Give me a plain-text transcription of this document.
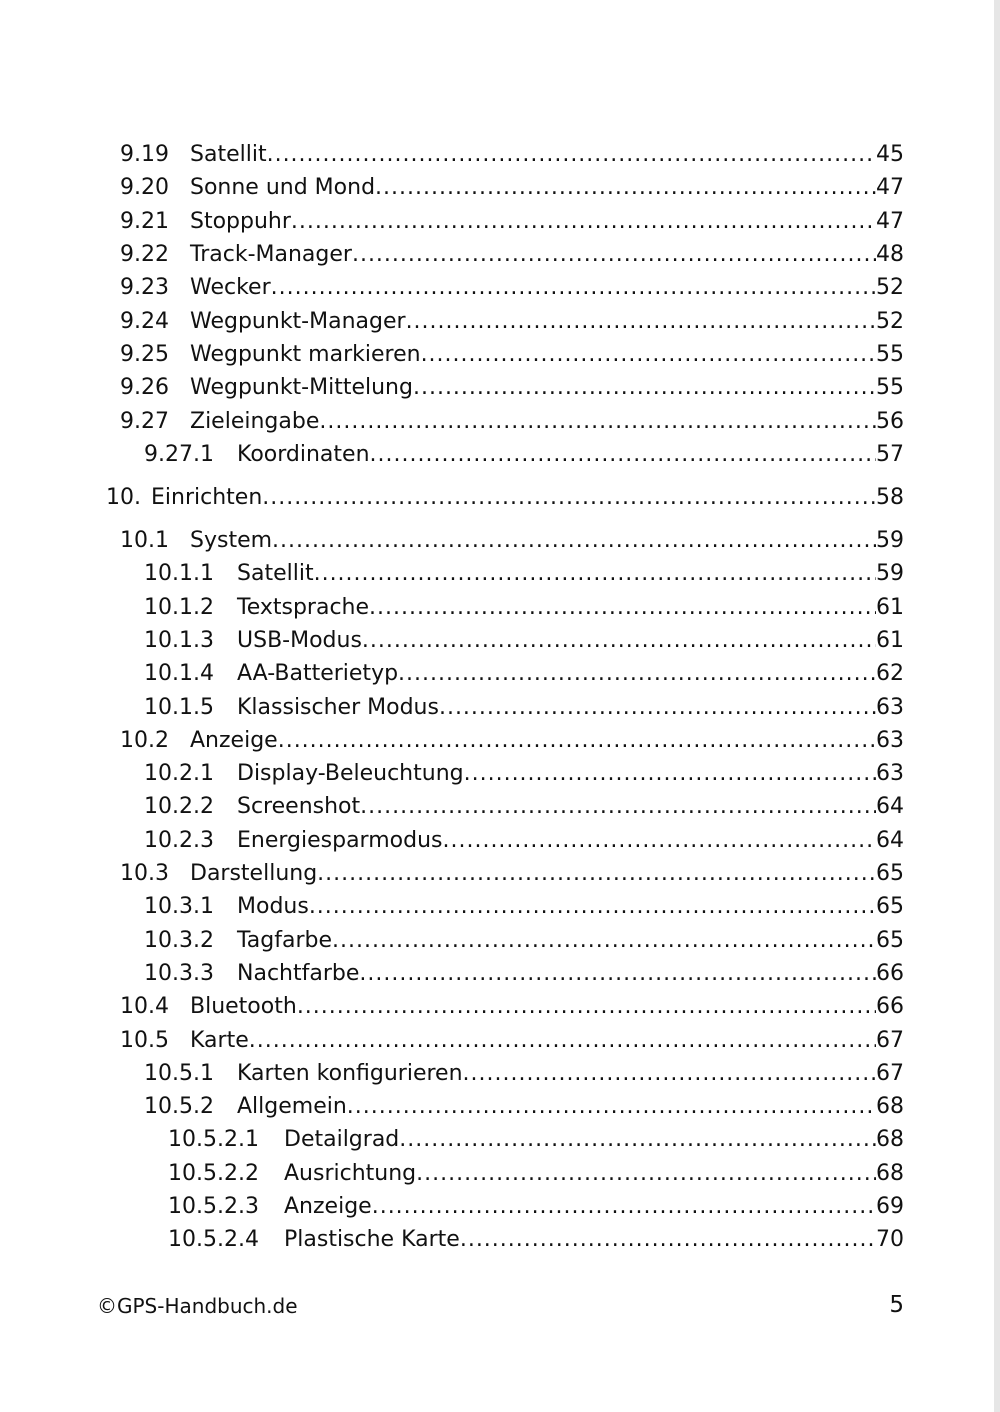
9.19 Satellit .....	45
9.20 Sonne und Mond .....	47
9.21 Stoppuhr .....	47
9.22 Track-Manager .....	48
9.23 Wecker .....	52
9.24 Wegpunkt-Manager .....	52
9.25 Wegpunkt markieren .....	55
9.26 Wegpunkt-Mittelung .....	55
9.27 Zieleingabe .....	56
9.27.1	Koordinaten .....	57
10. Einrichten .....	58
10.1 System .....	59
10.1.1	Satellit .....	59
10.1.2	Textsprache .....	61
10.1.3	USB-Modus .....	61
10.1.4	AA-Batterietyp .....	62
10.1.5	Klassischer Modus .....	63
10.2 Anzeige .....	63
10.2.1	Display-Beleuchtung .....	63
10.2.2	Screenshot .....	64
10.2.3	Energiesparmodus .....	64
10.3 Darstellung .....	65
10.3.1	Modus .....	65
10.3.2	Tagfarbe .....	65
10.3.3	Nachtfarbe .....	66
10.4 Bluetooth .....	66
10.5 Karte .....	67
10.5.1	Karten konfigurieren .....	67
10.5.2	Allgemein .....	68
10.5.2.1	Detailgrad .....	68
10.5.2.2	Ausrichtung .....	68
10.5.2.3	Anzeige .....	69
10.5.2.4	Plastische Karte .....	70
©GPS-Handbuch.de	5
